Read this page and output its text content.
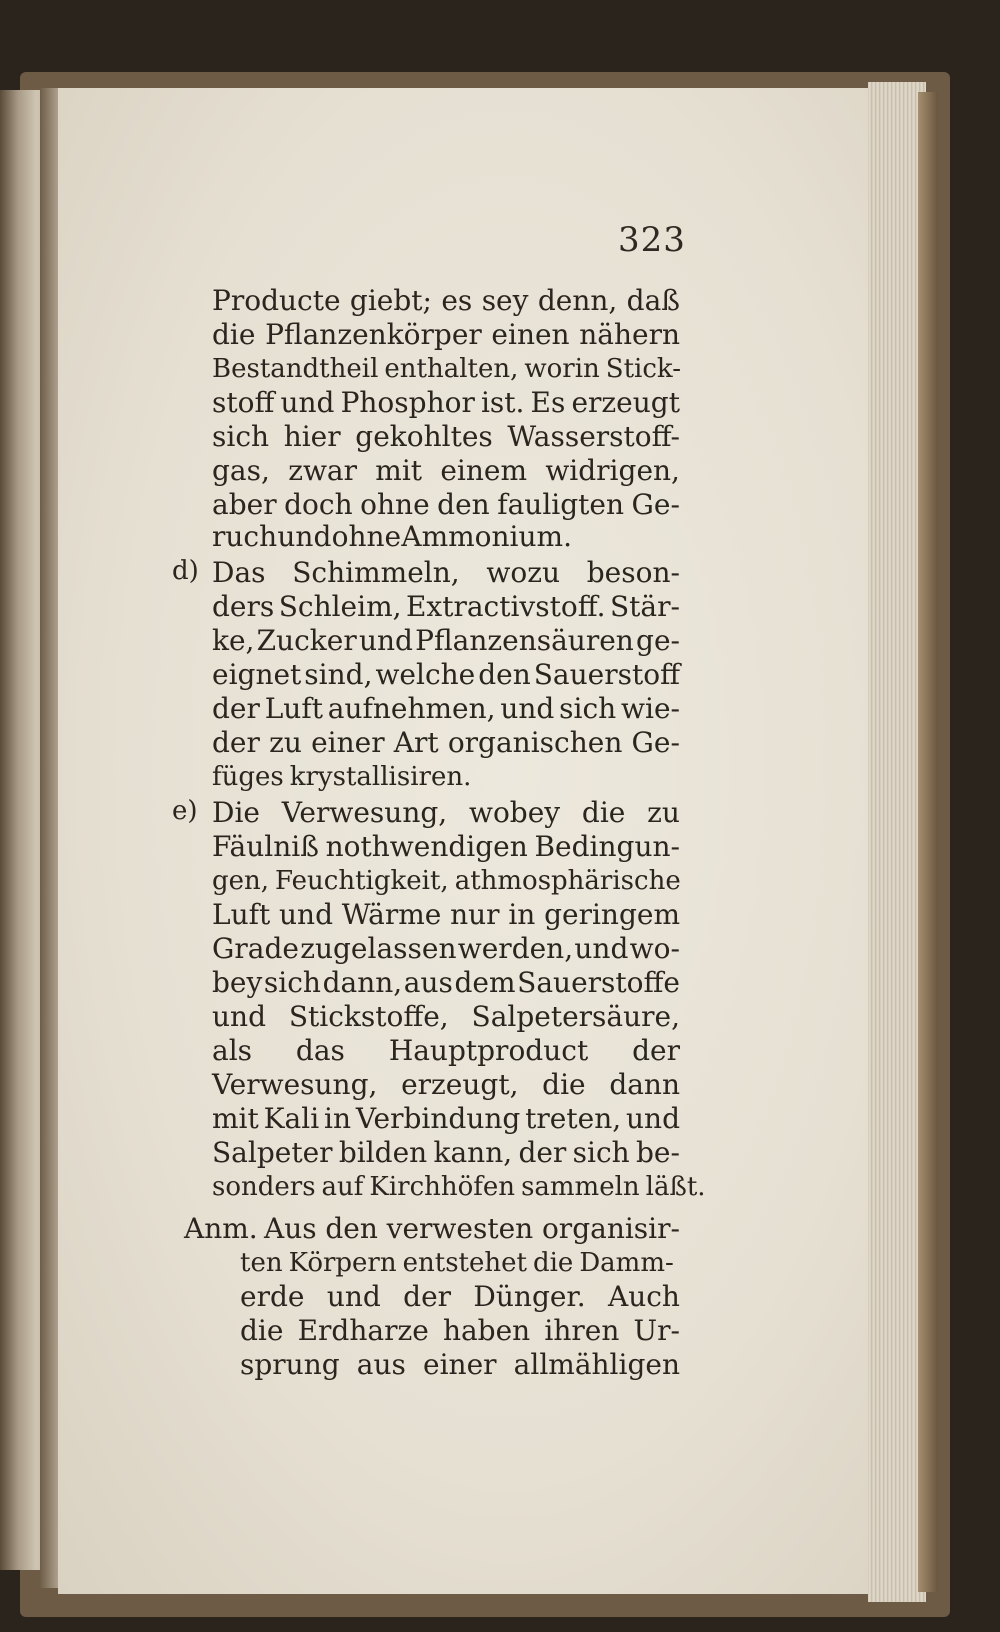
323

Producte giebt; es sey denn, daß

die Pflanzenkörper einen nähern

Bestandtheil enthalten, worin Stick-

stoff und Phosphor ist. Es erzeugt

sich hier gekohltes Wasserstoff-

gas, zwar mit einem widrigen,

aber doch ohne den fauligten Ge-

ruch und ohne Ammonium.

d) Das Schimmeln, wozu beson-

ders Schleim, Extractivstoff. Stär-

ke, Zucker und Pflanzensäuren ge-

eignet sind, welche den Sauerstoff

der Luft aufnehmen, und sich wie-

der zu einer Art organischen Ge-

füges krystallisiren.

e) Die Verwesung, wobey die zu

Fäulniß nothwendigen Bedingun-

gen, Feuchtigkeit, athmosphärische

Luft und Wärme nur in geringem

Grade zugelassen werden, und wo-

bey sich dann, aus dem Sauerstoffe

und Stickstoffe, Salpetersäure,

als das Hauptproduct der

Verwesung, erzeugt, die dann

mit Kali in Verbindung treten, und

Salpeter bilden kann, der sich be-

sonders auf Kirchhöfen sammeln läßt.

Anm. Aus den verwesten organisir-

ten Körpern entstehet die Damm-

erde und der Dünger. Auch

die Erdharze haben ihren Ur-

sprung aus einer allmähligen
